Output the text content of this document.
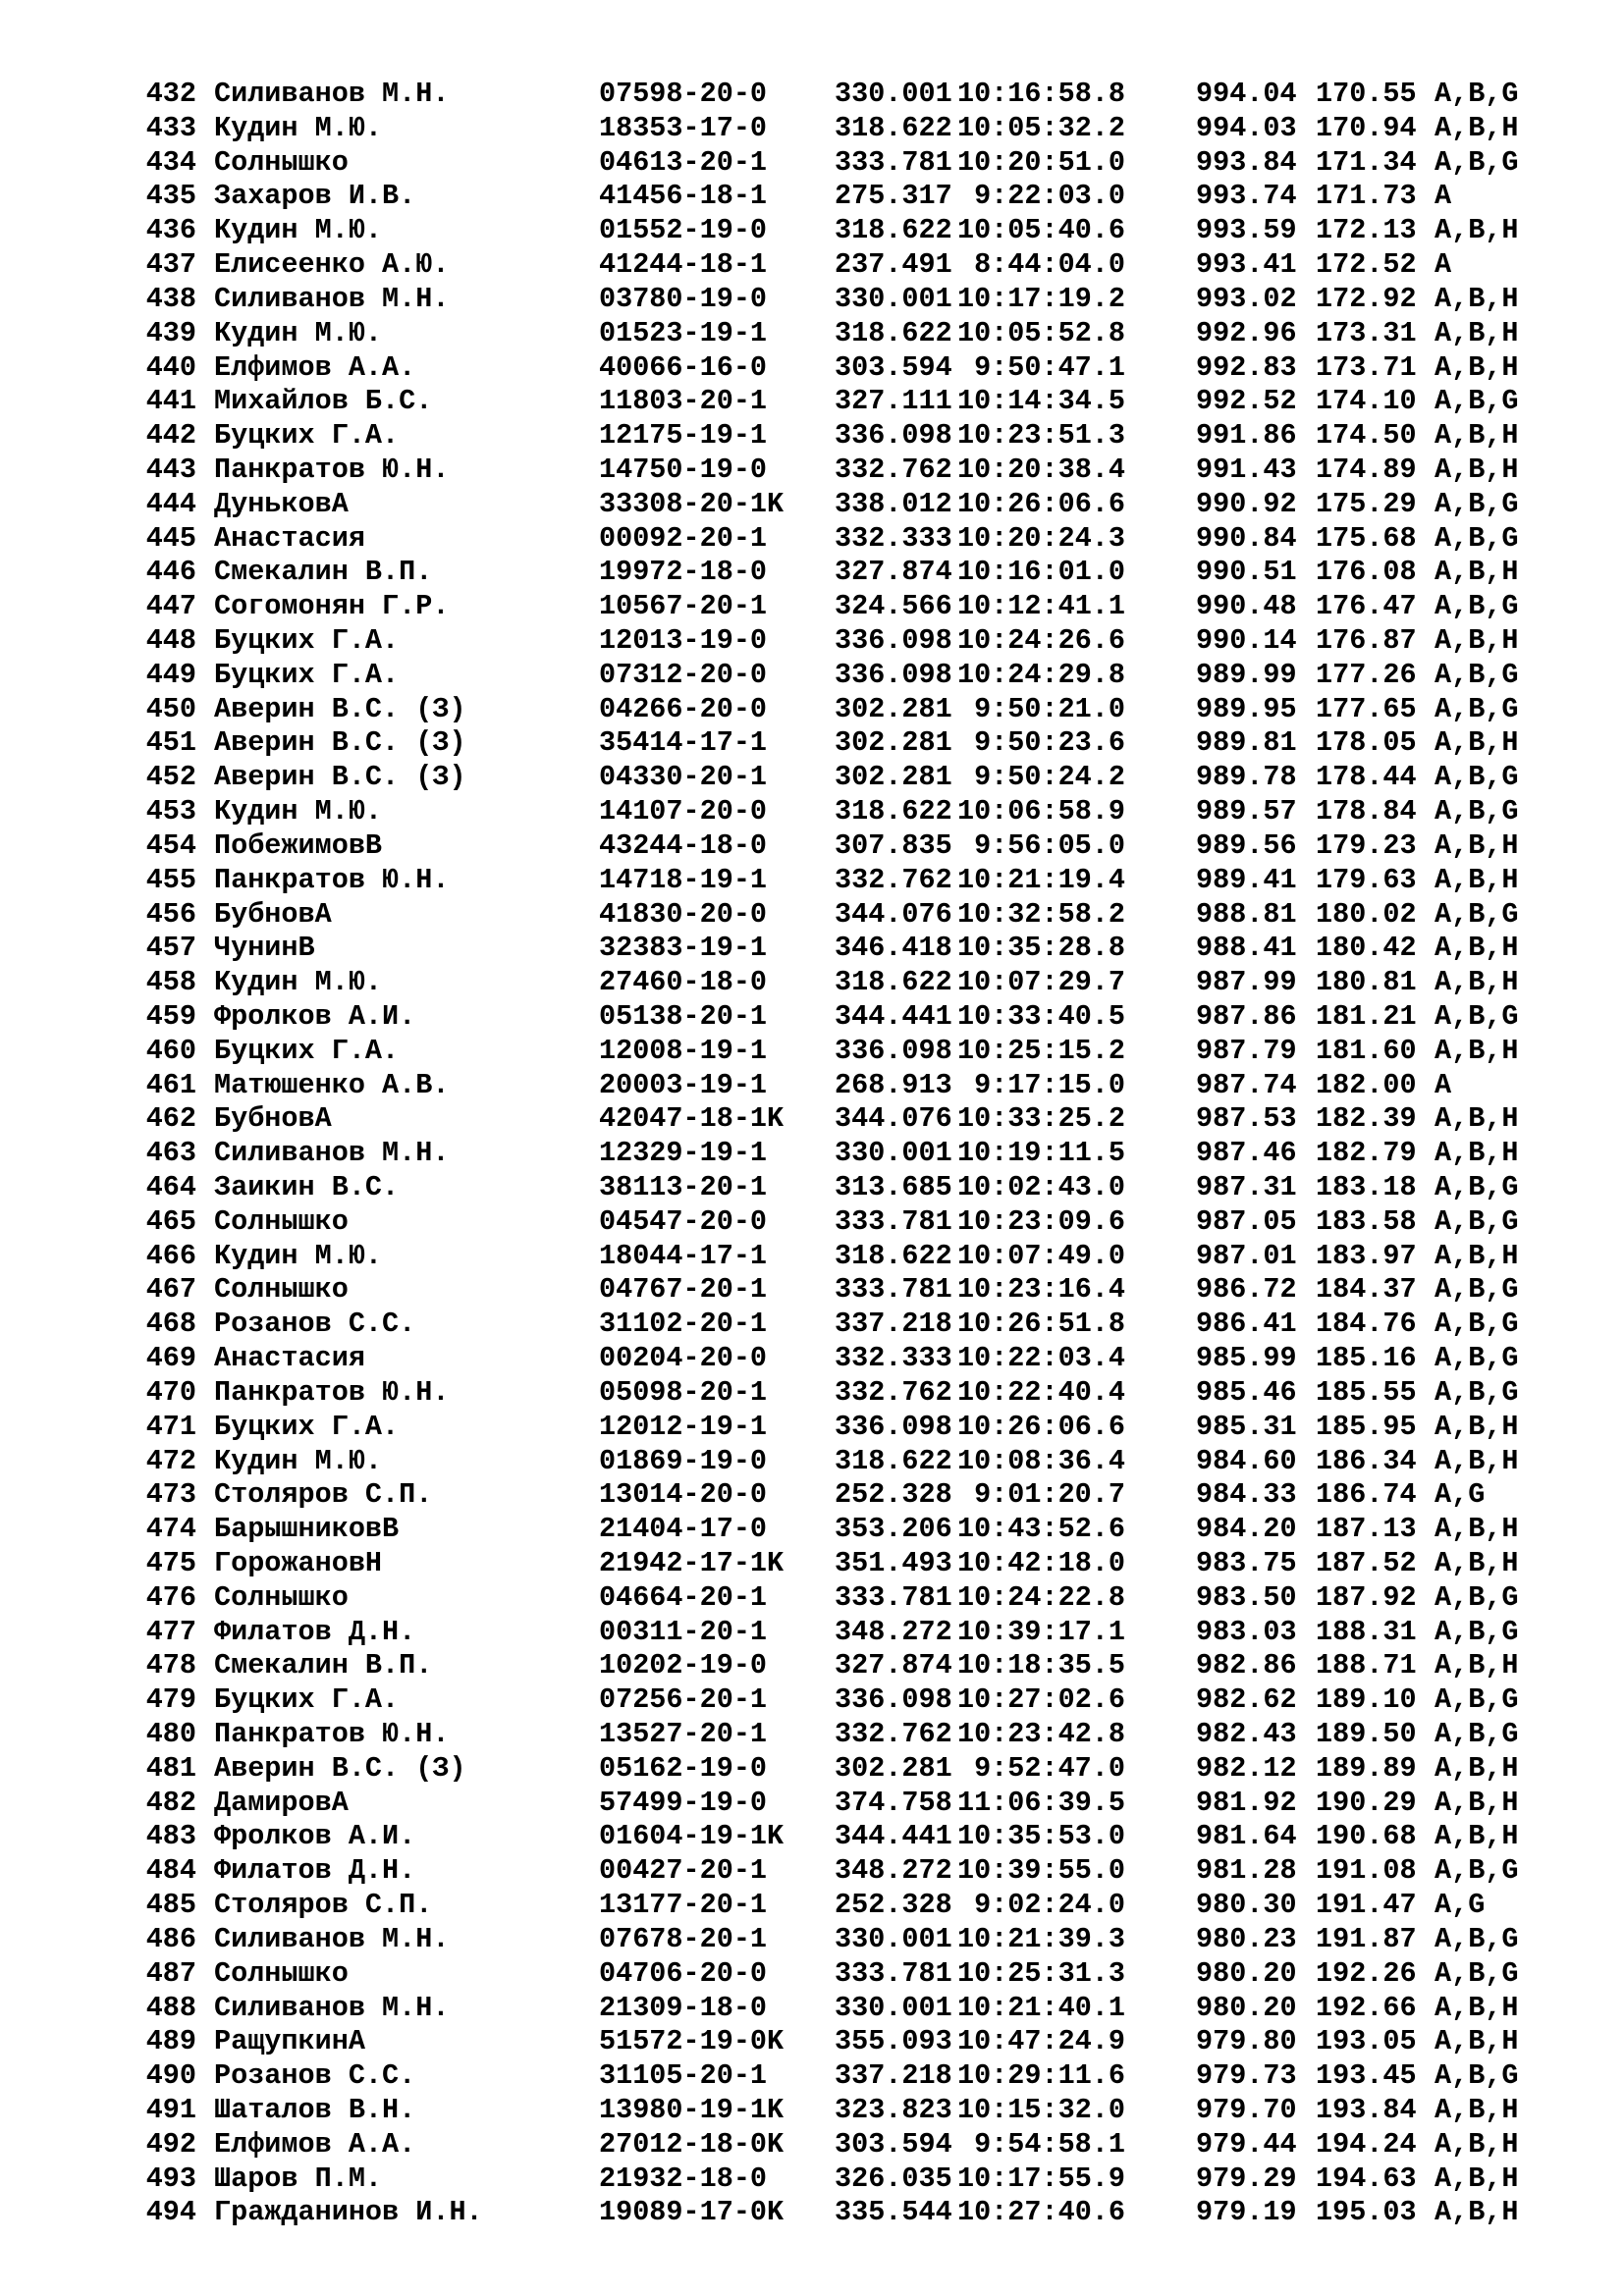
432 Силиванов М.Н.	07598-20-0 330.001 10:16:58.8	994.04 170.55 A,B,G
433 Кудин М.Ю.	18353-17-0 318.622 10:05:32.2	994.03 170.94 A,B,H
434 Солнышко	04613-20-1 333.781 10:20:51.0	993.84 171.34 A,B,G
435 Захаров И.В.	41456-18-1 275.317 9:22:03.0	993.74 171.73 A
436 Кудин М.Ю.	01552-19-0 318.622 10:05:40.6	993.59 172.13 A,B,H
437 Елисеенко А.Ю.	41244-18-1 237.491 8:44:04.0	993.41 172.52 A
438 Силиванов М.Н.	03780-19-0 330.001 10:17:19.2	993.02 172.92 A,B,H
439 Кудин М.Ю.	01523-19-1 318.622 10:05:52.8	992.96 173.31 A,B,H
440 Елфимов А.А.	40066-16-0 303.594 9:50:47.1	992.83 173.71 A,B,H
441 Михайлов Б.С.	11803-20-1 327.111 10:14:34.5	992.52 174.10 A,B,G
442 Буцких Г.А.	12175-19-1 336.098 10:23:51.3	991.86 174.50 A,B,H
443 Панкратов Ю.Н.	14750-19-0 332.762 10:20:38.4	991.43 174.89 A,B,H
444 ДуньковА	33308-20-1K 338.012 10:26:06.6	990.92 175.29 A,B,G
445 Анастасия	00092-20-1 332.333 10:20:24.3	990.84 175.68 A,B,G
446 Смекалин В.П.	19972-18-0 327.874 10:16:01.0	990.51 176.08 A,B,H
447 Согомонян Г.Р.	10567-20-1 324.566 10:12:41.1	990.48 176.47 A,B,G
448 Буцких Г.А.	12013-19-0 336.098 10:24:26.6	990.14 176.87 A,B,H
449 Буцких Г.А.	07312-20-0 336.098 10:24:29.8	989.99 177.26 A,B,G
450 Аверин В.С. (З)	04266-20-0 302.281 9:50:21.0	989.95 177.65 A,B,G
451 Аверин В.С. (З)	35414-17-1 302.281 9:50:23.6	989.81 178.05 A,B,H
452 Аверин В.С. (З)	04330-20-1 302.281 9:50:24.2	989.78 178.44 A,B,G
453 Кудин М.Ю.	14107-20-0 318.622 10:06:58.9	989.57 178.84 A,B,G
454 ПобежимовВ	43244-18-0 307.835 9:56:05.0	989.56 179.23 A,B,H
455 Панкратов Ю.Н.	14718-19-1 332.762 10:21:19.4	989.41 179.63 A,B,H
456 БубновА	41830-20-0 344.076 10:32:58.2	988.81 180.02 A,B,G
457 ЧунинВ	32383-19-1 346.418 10:35:28.8	988.41 180.42 A,B,H
458 Кудин М.Ю.	27460-18-0 318.622 10:07:29.7	987.99 180.81 A,B,H
459 Фролков А.И.	05138-20-1 344.441 10:33:40.5	987.86 181.21 A,B,G
460 Буцких Г.А.	12008-19-1 336.098 10:25:15.2	987.79 181.60 A,B,H
461 Матюшенко А.В.	20003-19-1 268.913 9:17:15.0	987.74 182.00 A
462 БубновА	42047-18-1K 344.076 10:33:25.2	987.53 182.39 A,B,H
463 Силиванов М.Н.	12329-19-1 330.001 10:19:11.5	987.46 182.79 A,B,H
464 Заикин В.С.	38113-20-1 313.685 10:02:43.0	987.31 183.18 A,B,G
465 Солнышко	04547-20-0 333.781 10:23:09.6	987.05 183.58 A,B,G
466 Кудин М.Ю.	18044-17-1 318.622 10:07:49.0	987.01 183.97 A,B,H
467 Солнышко	04767-20-1 333.781 10:23:16.4	986.72 184.37 A,B,G
468 Розанов С.С.	31102-20-1 337.218 10:26:51.8	986.41 184.76 A,B,G
469 Анастасия	00204-20-0 332.333 10:22:03.4	985.99 185.16 A,B,G
470 Панкратов Ю.Н.	05098-20-1 332.762 10:22:40.4	985.46 185.55 A,B,G
471 Буцких Г.А.	12012-19-1 336.098 10:26:06.6	985.31 185.95 A,B,H
472 Кудин М.Ю.	01869-19-0 318.622 10:08:36.4	984.60 186.34 A,B,H
473 Столяров С.П.	13014-20-0 252.328 9:01:20.7	984.33 186.74 A,G
474 БарышниковВ	21404-17-0 353.206 10:43:52.6	984.20 187.13 A,B,H
475 ГорожановН	21942-17-1K 351.493 10:42:18.0	983.75 187.52 A,B,H
476 Солнышко	04664-20-1 333.781 10:24:22.8	983.50 187.92 A,B,G
477 Филатов Д.Н.	00311-20-1 348.272 10:39:17.1	983.03 188.31 A,B,G
478 Смекалин В.П.	10202-19-0 327.874 10:18:35.5	982.86 188.71 A,B,H
479 Буцких Г.А.	07256-20-1 336.098 10:27:02.6	982.62 189.10 A,B,G
480 Панкратов Ю.Н.	13527-20-1 332.762 10:23:42.8	982.43 189.50 A,B,G
481 Аверин В.С. (З)	05162-19-0 302.281 9:52:47.0	982.12 189.89 A,B,H
482 ДамировА	57499-19-0 374.758 11:06:39.5	981.92 190.29 A,B,H
483 Фролков А.И.	01604-19-1K 344.441 10:35:53.0	981.64 190.68 A,B,H
484 Филатов Д.Н.	00427-20-1 348.272 10:39:55.0	981.28 191.08 A,B,G
485 Столяров С.П.	13177-20-1 252.328 9:02:24.0	980.30 191.47 A,G
486 Силиванов М.Н.	07678-20-1 330.001 10:21:39.3	980.23 191.87 A,B,G
487 Солнышко	04706-20-0 333.781 10:25:31.3	980.20 192.26 A,B,G
488 Силиванов М.Н.	21309-18-0 330.001 10:21:40.1	980.20 192.66 A,B,H
489 РащупкинА	51572-19-0K 355.093 10:47:24.9	979.80 193.05 A,B,H
490 Розанов С.С.	31105-20-1 337.218 10:29:11.6	979.73 193.45 A,B,G
491 Шаталов В.Н.	13980-19-1K 323.823 10:15:32.0	979.70 193.84 A,B,H
492 Елфимов А.А.	27012-18-0K 303.594 9:54:58.1	979.44 194.24 A,B,H
493 Шаров П.М.	21932-18-0 326.035 10:17:55.9	979.29 194.63 A,B,H
494 Гражданинов И.Н.	19089-17-0K 335.544 10:27:40.6	979.19 195.03 A,B,H
